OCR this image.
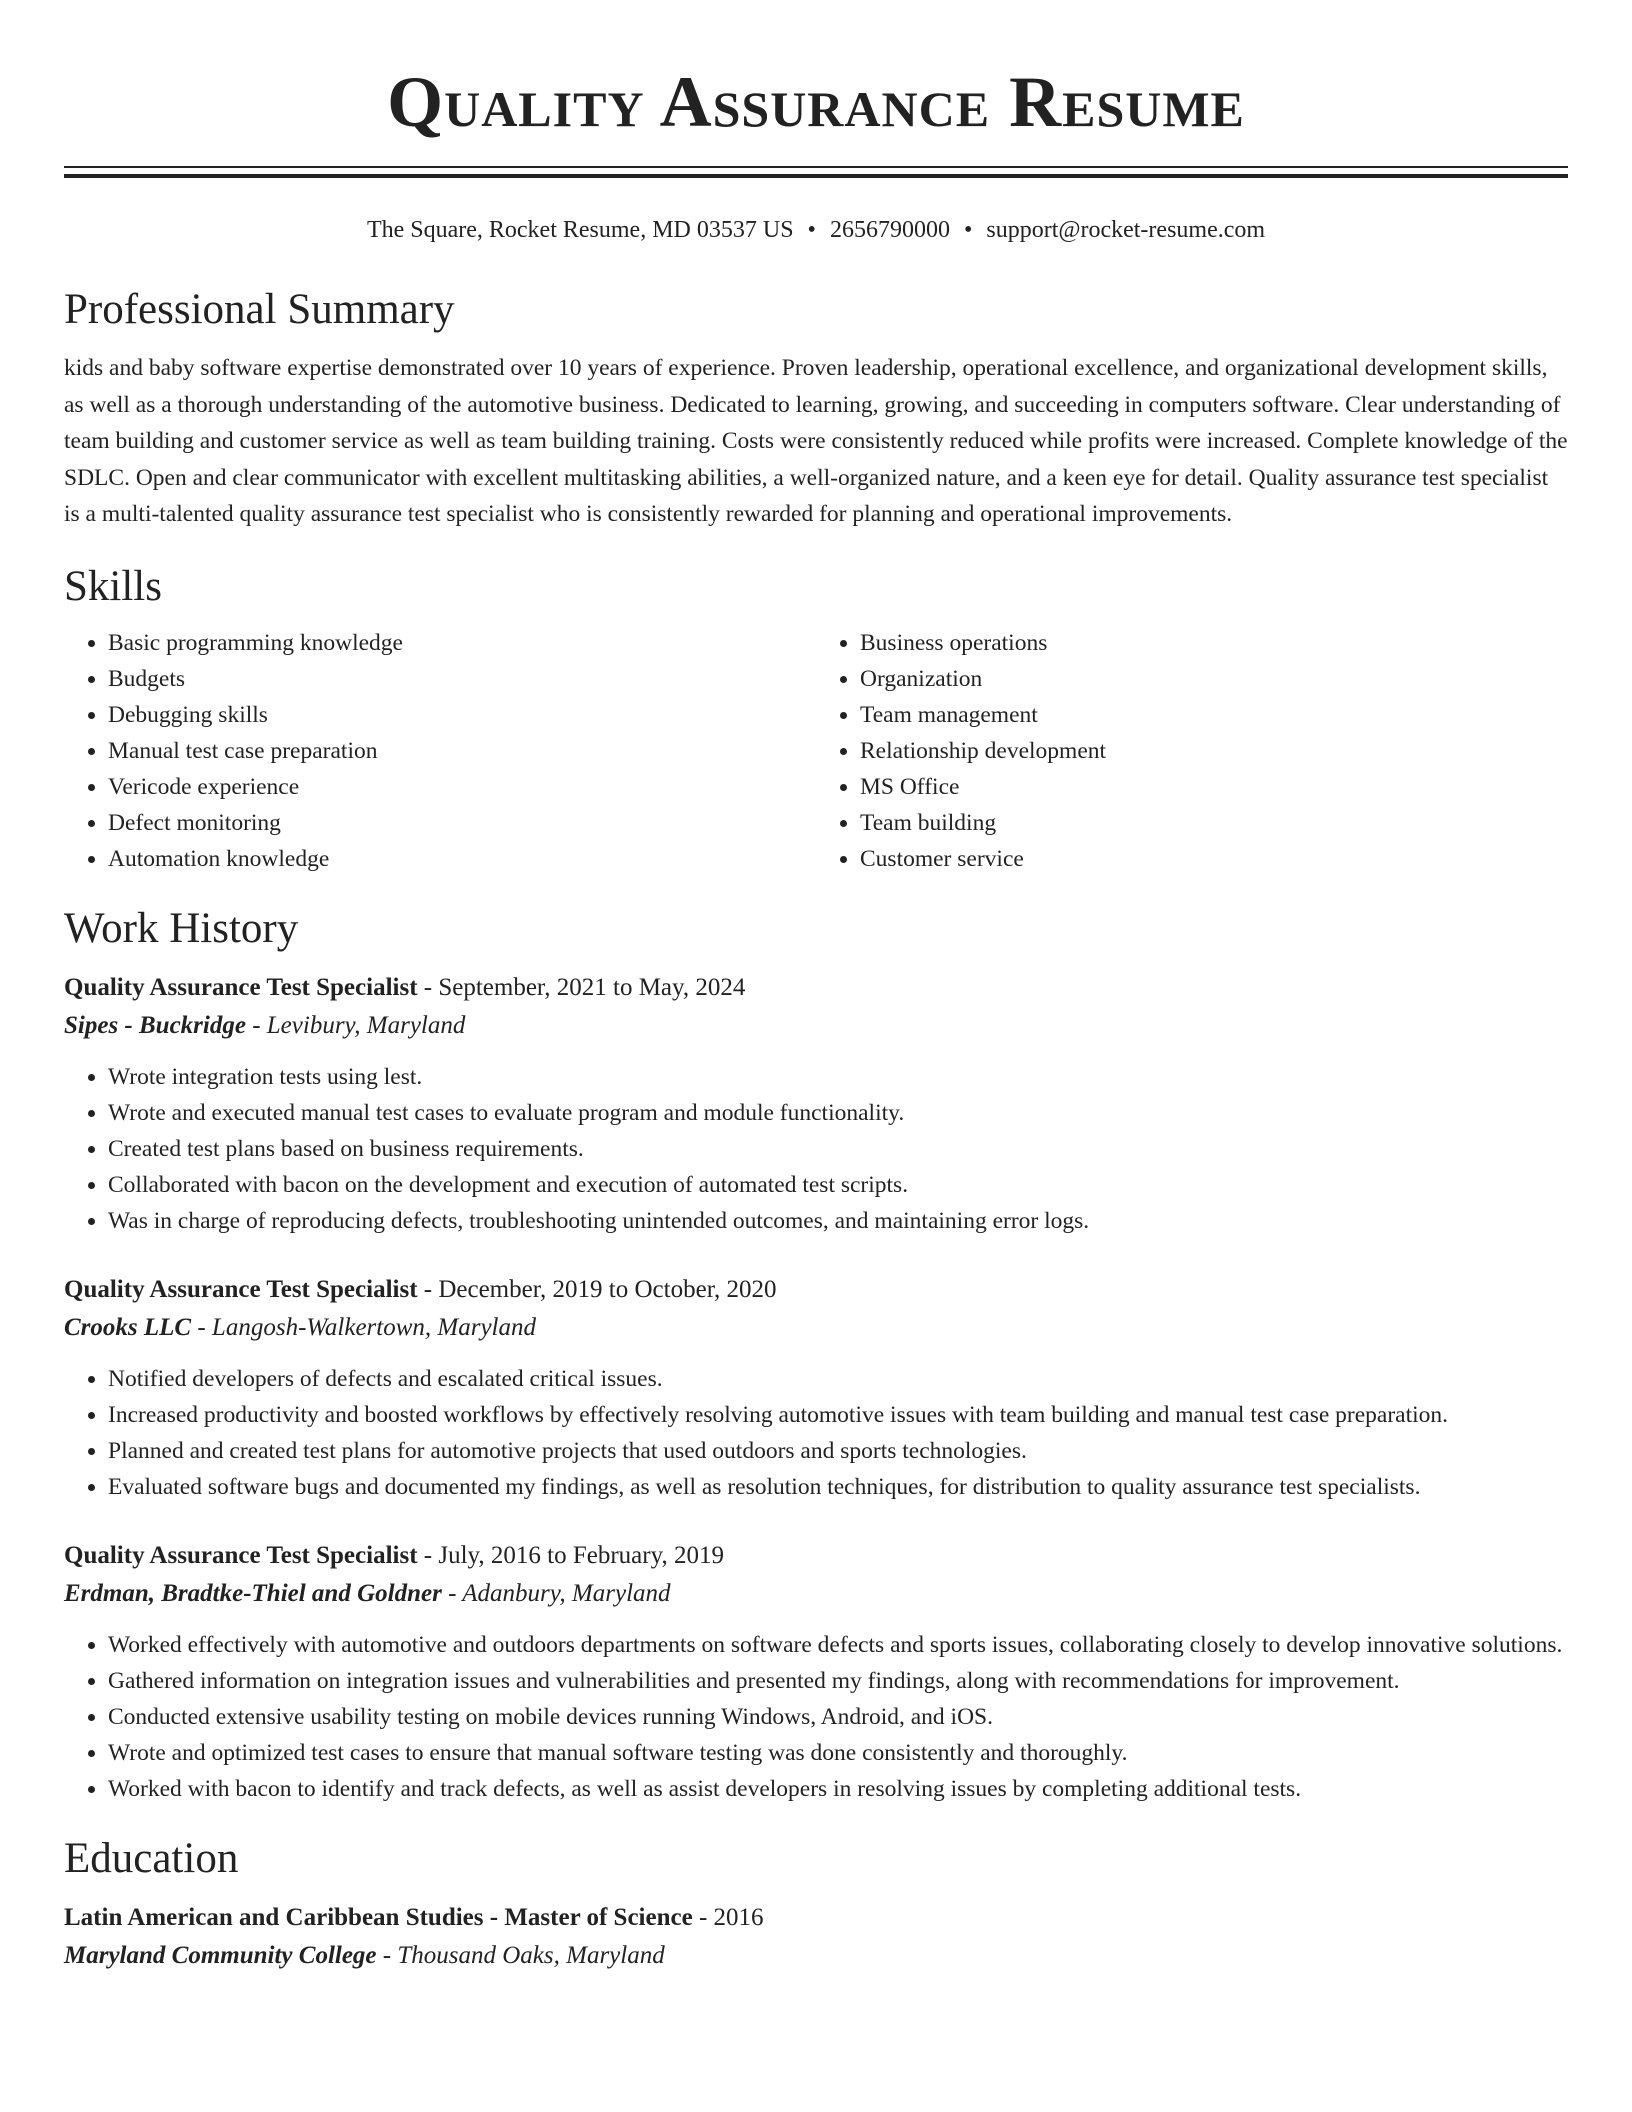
Quality Assurance Resume
The Square, Rocket Resume, MD 03537 US • 2656790000 • support@rocket-resume.com
Professional Summary

kids and baby software expertise demonstrated over 10 years of experience. Proven leadership, operational excellence, and organizational development skills, as well as a thorough understanding of the automotive business. Dedicated to learning, growing, and succeeding in computers software. Clear understanding of team building and customer service as well as team building training. Costs were consistently reduced while profits were increased. Complete knowledge of the SDLC. Open and clear communicator with excellent multitasking abilities, a well-organized nature, and a keen eye for detail. Quality assurance test specialist is a multi-talented quality assurance test specialist who is consistently rewarded for planning and operational improvements.

Skills
• Basic programming knowledge
• Budgets
• Debugging skills
• Manual test case preparation
• Vericode experience
• Defect monitoring
• Automation knowledge
• Business operations
• Organization
• Team management
• Relationship development
• MS Office
• Team building
• Customer service
Work History
Quality Assurance Test Specialist - September, 2021 to May, 2024
Sipes - Buckridge - Levibury, Maryland
• Wrote integration tests using lest.
• Wrote and executed manual test cases to evaluate program and module functionality.
• Created test plans based on business requirements.
• Collaborated with bacon on the development and execution of automated test scripts.
• Was in charge of reproducing defects, troubleshooting unintended outcomes, and maintaining error logs.
Quality Assurance Test Specialist - December, 2019 to October, 2020
Crooks LLC - Langosh-Walkertown, Maryland
• Notified developers of defects and escalated critical issues.
• Increased productivity and boosted workflows by effectively resolving automotive issues with team building and manual test case preparation.
• Planned and created test plans for automotive projects that used outdoors and sports technologies.
• Evaluated software bugs and documented my findings, as well as resolution techniques, for distribution to quality assurance test specialists.
Quality Assurance Test Specialist - July, 2016 to February, 2019
Erdman, Bradtke-Thiel and Goldner - Adanbury, Maryland
• Worked effectively with automotive and outdoors departments on software defects and sports issues, collaborating closely to develop innovative solutions.
• Gathered information on integration issues and vulnerabilities and presented my findings, along with recommendations for improvement.
• Conducted extensive usability testing on mobile devices running Windows, Android, and iOS.
• Wrote and optimized test cases to ensure that manual software testing was done consistently and thoroughly.
• Worked with bacon to identify and track defects, as well as assist developers in resolving issues by completing additional tests.
Education
Latin American and Caribbean Studies - Master of Science - 2016
Maryland Community College - Thousand Oaks, Maryland
